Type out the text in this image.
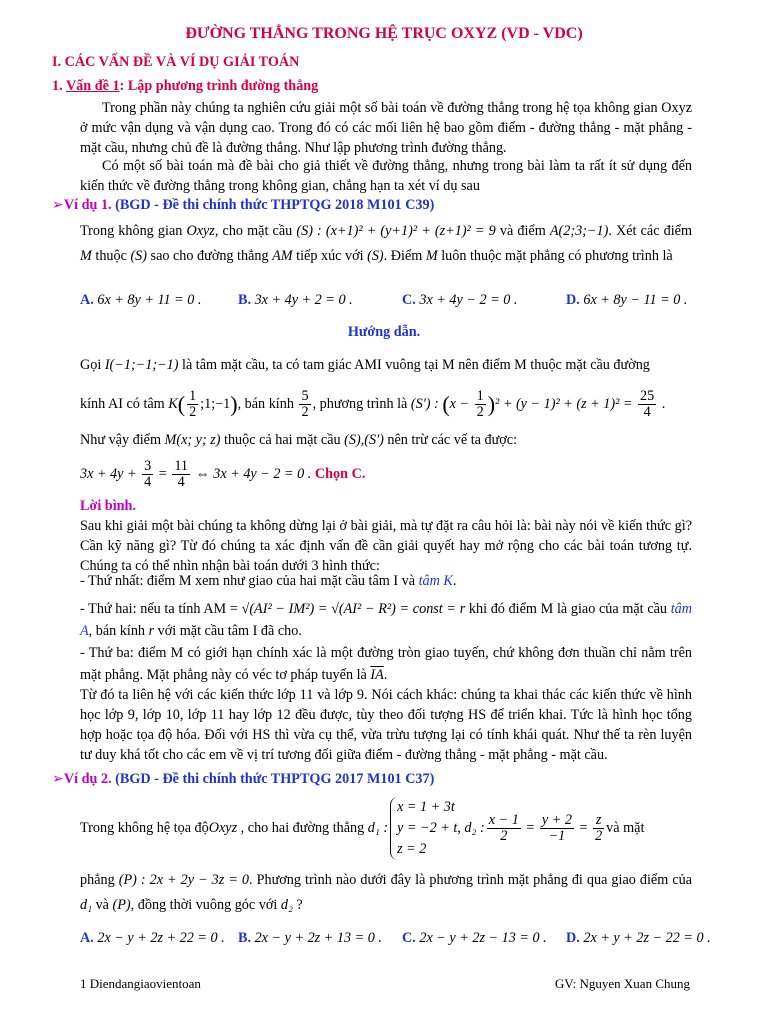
ĐƯỜNG THẲNG TRONG HỆ TRỤC OXYZ (VD - VDC)
I. CÁC VẤN ĐỀ VÀ VÍ DỤ GIẢI TOÁN
1. Vấn đề 1: Lập phương trình đường thẳng
Trong phần này chúng ta nghiên cứu giải một số bài toán về đường thẳng trong hệ tọa không gian Oxyz ở mức vận dụng và vận dụng cao. Trong đó có các mối liên hệ bao gồm điểm - đường thẳng - mặt phẳng - mặt cầu, nhưng chủ đề là đường thẳng. Như lập phương trình đường thẳng.
Có một số bài toán mà đề bài cho giả thiết về đường thẳng, nhưng trong bài làm ta rất ít sử dụng đến kiến thức về đường thẳng trong không gian, chẳng hạn ta xét ví dụ sau
➢Ví dụ 1. (BGD - Đề thi chính thức THPTQG 2018 M101 C39)
Trong không gian Oxyz, cho mặt cầu (S) : (x+1)² + (y+1)² + (z+1)² = 9 và điểm A(2;3;−1). Xét các điểm M thuộc (S) sao cho đường thẳng AM tiếp xúc với (S). Điểm M luôn thuộc mặt phẳng có phương trình là
A. 6x + 8y + 11 = 0 .	B. 3x + 4y + 2 = 0 .	C. 3x + 4y − 2 = 0 .	D. 6x + 8y − 11 = 0 .
Hướng dẫn.
Gọi I(−1;−1;−1) là tâm mặt cầu, ta có tam giác AMI vuông tại M nên điểm M thuộc mặt cầu đường
kính AI có tâm $K( \frac{1}{2}$ ;1;−1), bán kính $\frac{5}{2}$ , phương trình là (S') : $(x - \frac{1}{2} )^2 + (y - 1)^2 + (z + 1)^2 = \frac{25}{4}$ .
Như vậy điểm M(x; y; z) thuộc cả hai mặt cầu (S),(S') nên trừ các vế ta được:
$3x + 4y + \frac{3}{4} = \frac{11}{4}$ ⇔ 3x + 4y − 2 = 0 . Chọn C.
Lời bình.
Sau khi giải một bài chúng ta không dừng lại ở bài giải, mà tự đặt ra câu hỏi là: bài này nói về kiến thức gì? Cần kỹ năng gì? Từ đó chúng ta xác định vấn đề cần giải quyết hay mở rộng cho các bài toán tương tự. Chúng ta có thể nhìn nhận bài toán dưới 3 hình thức:
- Thứ nhất: điểm M xem như giao của hai mặt cầu tâm I và tâm K.
- Thứ hai: nếu ta tính AM = √(AI² − IM²) = √(AI² − R²) = const = r khi đó điểm M là giao của mặt cầu tâm A, bán kính r với mặt cầu tâm I đã cho.
- Thứ ba: điểm M có giới hạn chính xác là một đường tròn giao tuyến, chứ không đơn thuần chỉ nằm trên mặt phẳng. Mặt phẳng này có véc tơ pháp tuyến là $\overline{IA}$.
Từ đó ta liên hệ với các kiến thức lớp 11 và lớp 9. Nói cách khác: chúng ta khai thác các kiến thức về hình học lớp 9, lớp 10, lớp 11 hay lớp 12 đều được, tùy theo đối tượng HS để triển khai. Tức là hình học tổng hợp hoặc tọa độ hóa. Đối với HS thì vừa cụ thể, vừa trừu tượng lại có tính khái quát. Như thế ta rèn luyện tư duy khá tốt cho các em về vị trí tương đối giữa điểm - đường thẳng - mặt phẳng - mặt cầu.
➢Ví dụ 2. (BGD - Đề thi chính thức THPTQG 2017 M101 C37)
Trong không hệ tọa độ Oxyz
, cho hai đường thẳng
d₁ :
x = 1 + 3t
y = −2 + t
z = 2
,
d₂ : $\frac{x - 1}{2} = \frac{y + 2}{-1} = \frac{z}{2}$ và mặt
phẳng (P) : 2x + 2y − 3z = 0. Phương trình nào dưới đây là phương trình mặt phẳng đi qua giao điểm của d₁ và (P), đồng thời vuông góc với d₂ ?
A. 2x − y + 2z + 22 = 0 . B. 2x − y + 2z + 13 = 0 . C. 2x − y + 2z − 13 = 0 . D. 2x + y + 2z − 22 = 0 .
1 Diendangiaovientoan	GV: Nguyen Xuan Chung
